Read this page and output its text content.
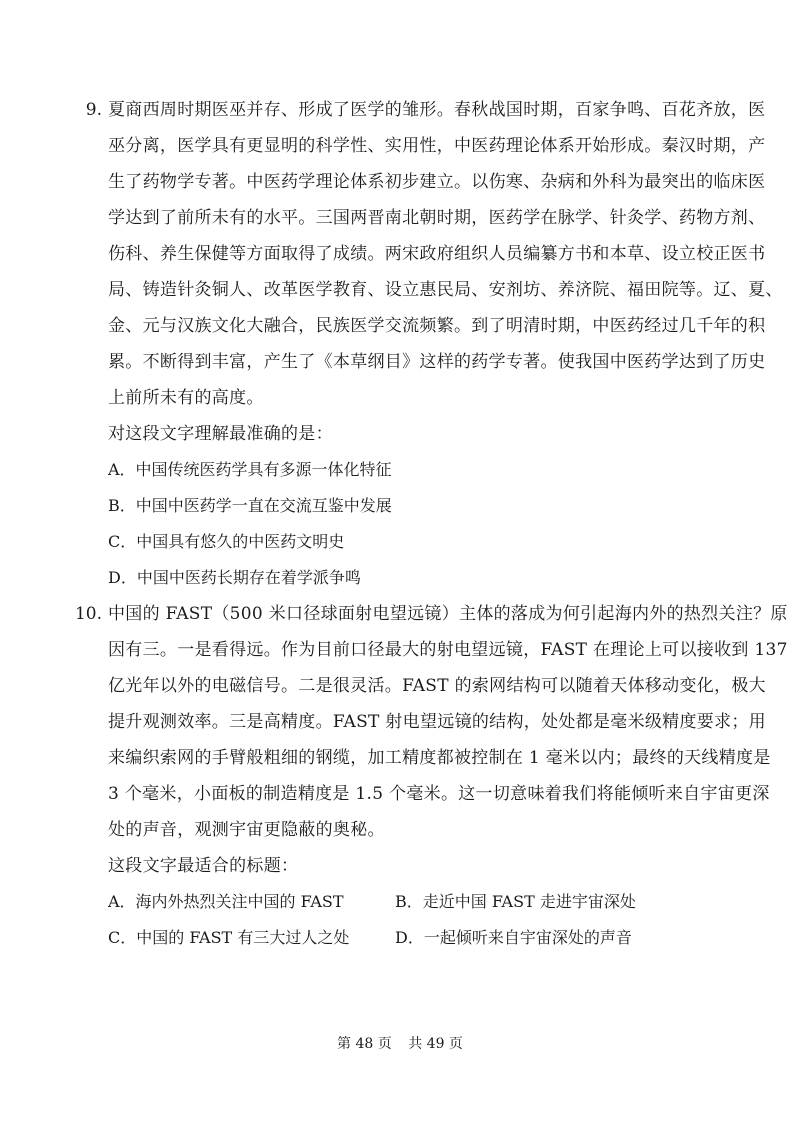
9. 夏商西周时期医巫并存、形成了医学的雏形。春秋战国时期，百家争鸣、百花齐放，医
巫分离，医学具有更显明的科学性、实用性，中医药理论体系开始形成。秦汉时期，产
生了药物学专著。中医药学理论体系初步建立。以伤寒、杂病和外科为最突出的临床医
学达到了前所未有的水平。三国两晋南北朝时期，医药学在脉学、针灸学、药物方剂、
伤科、养生保健等方面取得了成绩。两宋政府组织人员编纂方书和本草、设立校正医书
局、铸造针灸铜人、改革医学教育、设立惠民局、安剂坊、养济院、福田院等。辽、夏、
金、元与汉族文化大融合，民族医学交流频繁。到了明清时期，中医药经过几千年的积
累。不断得到丰富，产生了《本草纲目》这样的药学专著。使我国中医药学达到了历史
上前所未有的高度。
对这段文字理解最准确的是：
A．中国传统医药学具有多源一体化特征
B．中国中医药学一直在交流互鉴中发展
C．中国具有悠久的中医药文明史
D．中国中医药长期存在着学派争鸣
10. 中国的 FAST（500 米口径球面射电望远镜）主体的落成为何引起海内外的热烈关注？原
因有三。一是看得远。作为目前口径最大的射电望远镜，FAST 在理论上可以接收到 137
亿光年以外的电磁信号。二是很灵活。FAST 的索网结构可以随着天体移动变化，极大
提升观测效率。三是高精度。FAST 射电望远镜的结构，处处都是毫米级精度要求；用
来编织索网的手臂般粗细的钢缆，加工精度都被控制在 1 毫米以内；最终的天线精度是
3 个毫米，小面板的制造精度是 1.5 个毫米。这一切意味着我们将能倾听来自宇宙更深
处的声音，观测宇宙更隐蔽的奥秘。
这段文字最适合的标题：
A．海内外热烈关注中国的 FAST	B．走近中国 FAST 走进宇宙深处
C．中国的 FAST 有三大过人之处	D．一起倾听来自宇宙深处的声音
第 48 页 共 49 页
